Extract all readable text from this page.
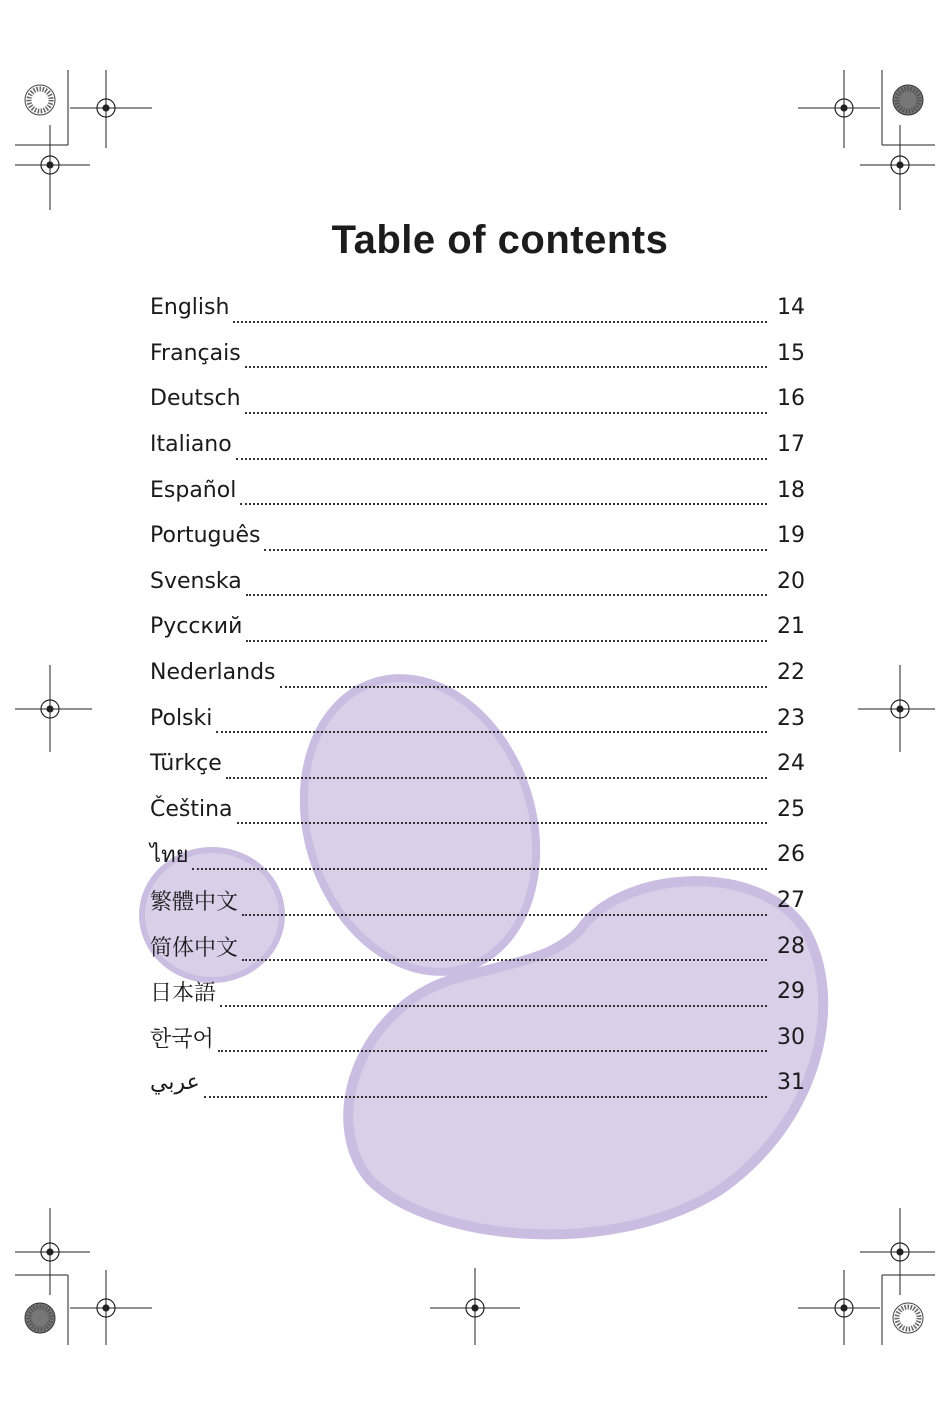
Table of contents
English	14
Français	15
Deutsch	16
Italiano	17
Español	18
Português	19
Svenska	20
Русский	21
Nederlands	22
Polski	23
Türkçe	24
Čeština	25
ไทย	26
繁體中文	27
简体中文	28
日本語	29
한국어	30
عربي	31
